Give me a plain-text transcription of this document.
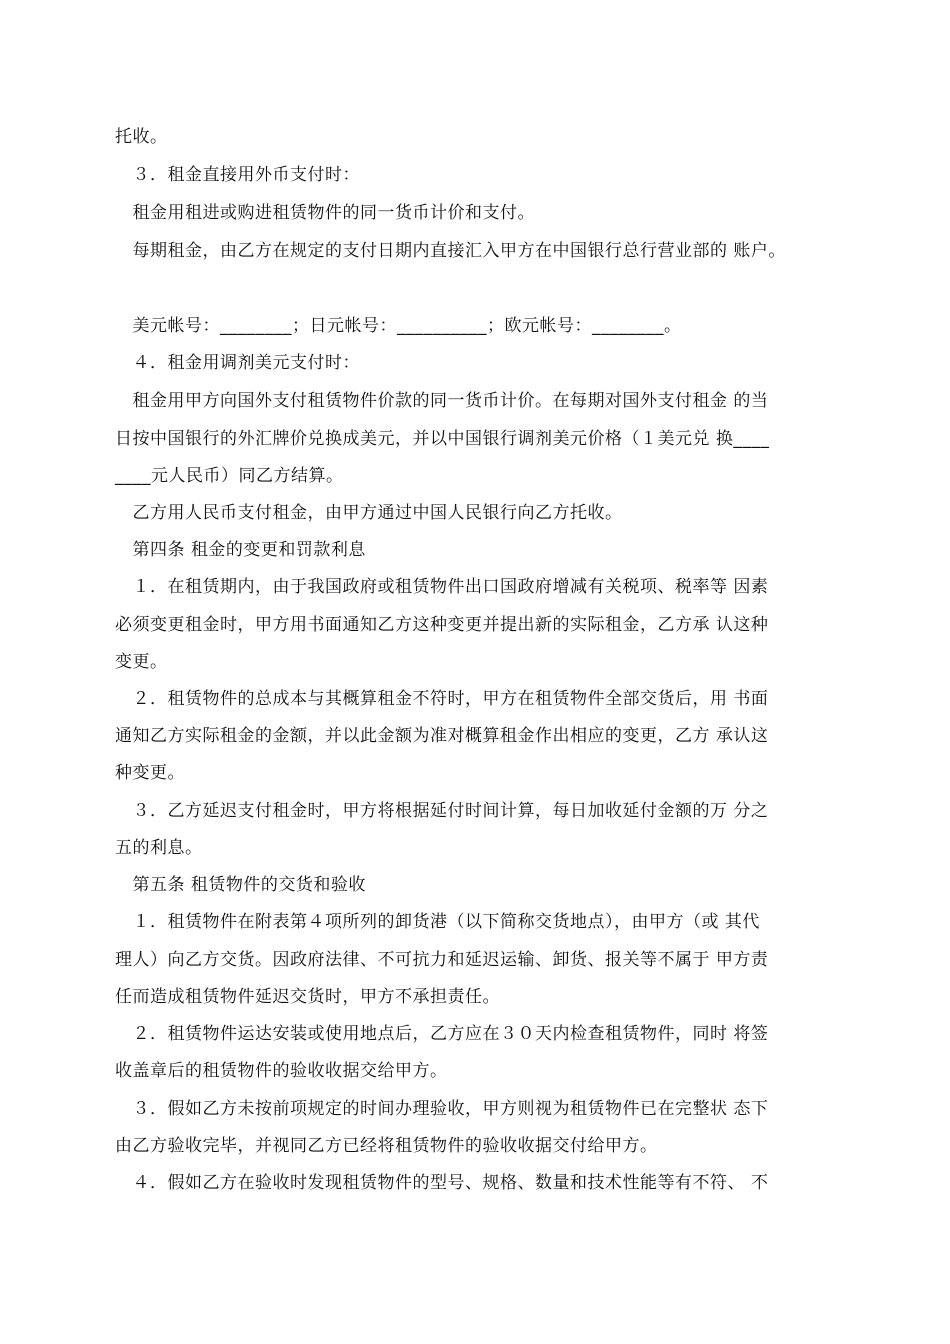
托收。
　３．租金直接用外币支付时：
　租金用租进或购进租赁物件的同一货币计价和支付。
　每期租金，由乙方在规定的支付日期内直接汇入甲方在中国银行总行营业部的 账户。
　美元帐号：________；日元帐号：__________；欧元帐号：________。
　４．租金用调剂美元支付时：
　租金用甲方向国外支付租赁物件价款的同一货币计价。在每期对国外支付租金 的当
日按中国银行的外汇牌价兑换成美元，并以中国银行调剂美元价格（１美元兑 换____
____元人民币）同乙方结算。
　乙方用人民币支付租金，由甲方通过中国人民银行向乙方托收。
　第四条 租金的变更和罚款利息
　１．在租赁期内，由于我国政府或租赁物件出口国政府增减有关税项、税率等 因素
必须变更租金时，甲方用书面通知乙方这种变更并提出新的实际租金，乙方承 认这种
变更。
　２．租赁物件的总成本与其概算租金不符时，甲方在租赁物件全部交货后，用 书面
通知乙方实际租金的金额，并以此金额为准对概算租金作出相应的变更，乙方 承认这
种变更。
　３．乙方延迟支付租金时，甲方将根据延付时间计算，每日加收延付金额的万 分之
五的利息。
　第五条 租赁物件的交货和验收
　１．租赁物件在附表第４项所列的卸货港（以下简称交货地点），由甲方（或 其代
理人）向乙方交货。因政府法律、不可抗力和延迟运输、卸货、报关等不属于 甲方责
任而造成租赁物件延迟交货时，甲方不承担责任。
　２．租赁物件运达安装或使用地点后，乙方应在３０天内检查租赁物件，同时 将签
收盖章后的租赁物件的验收收据交给甲方。
　３．假如乙方未按前项规定的时间办理验收，甲方则视为租赁物件已在完整状 态下
由乙方验收完毕，并视同乙方已经将租赁物件的验收收据交付给甲方。
　４．假如乙方在验收时发现租赁物件的型号、规格、数量和技术性能等有不符、 不
